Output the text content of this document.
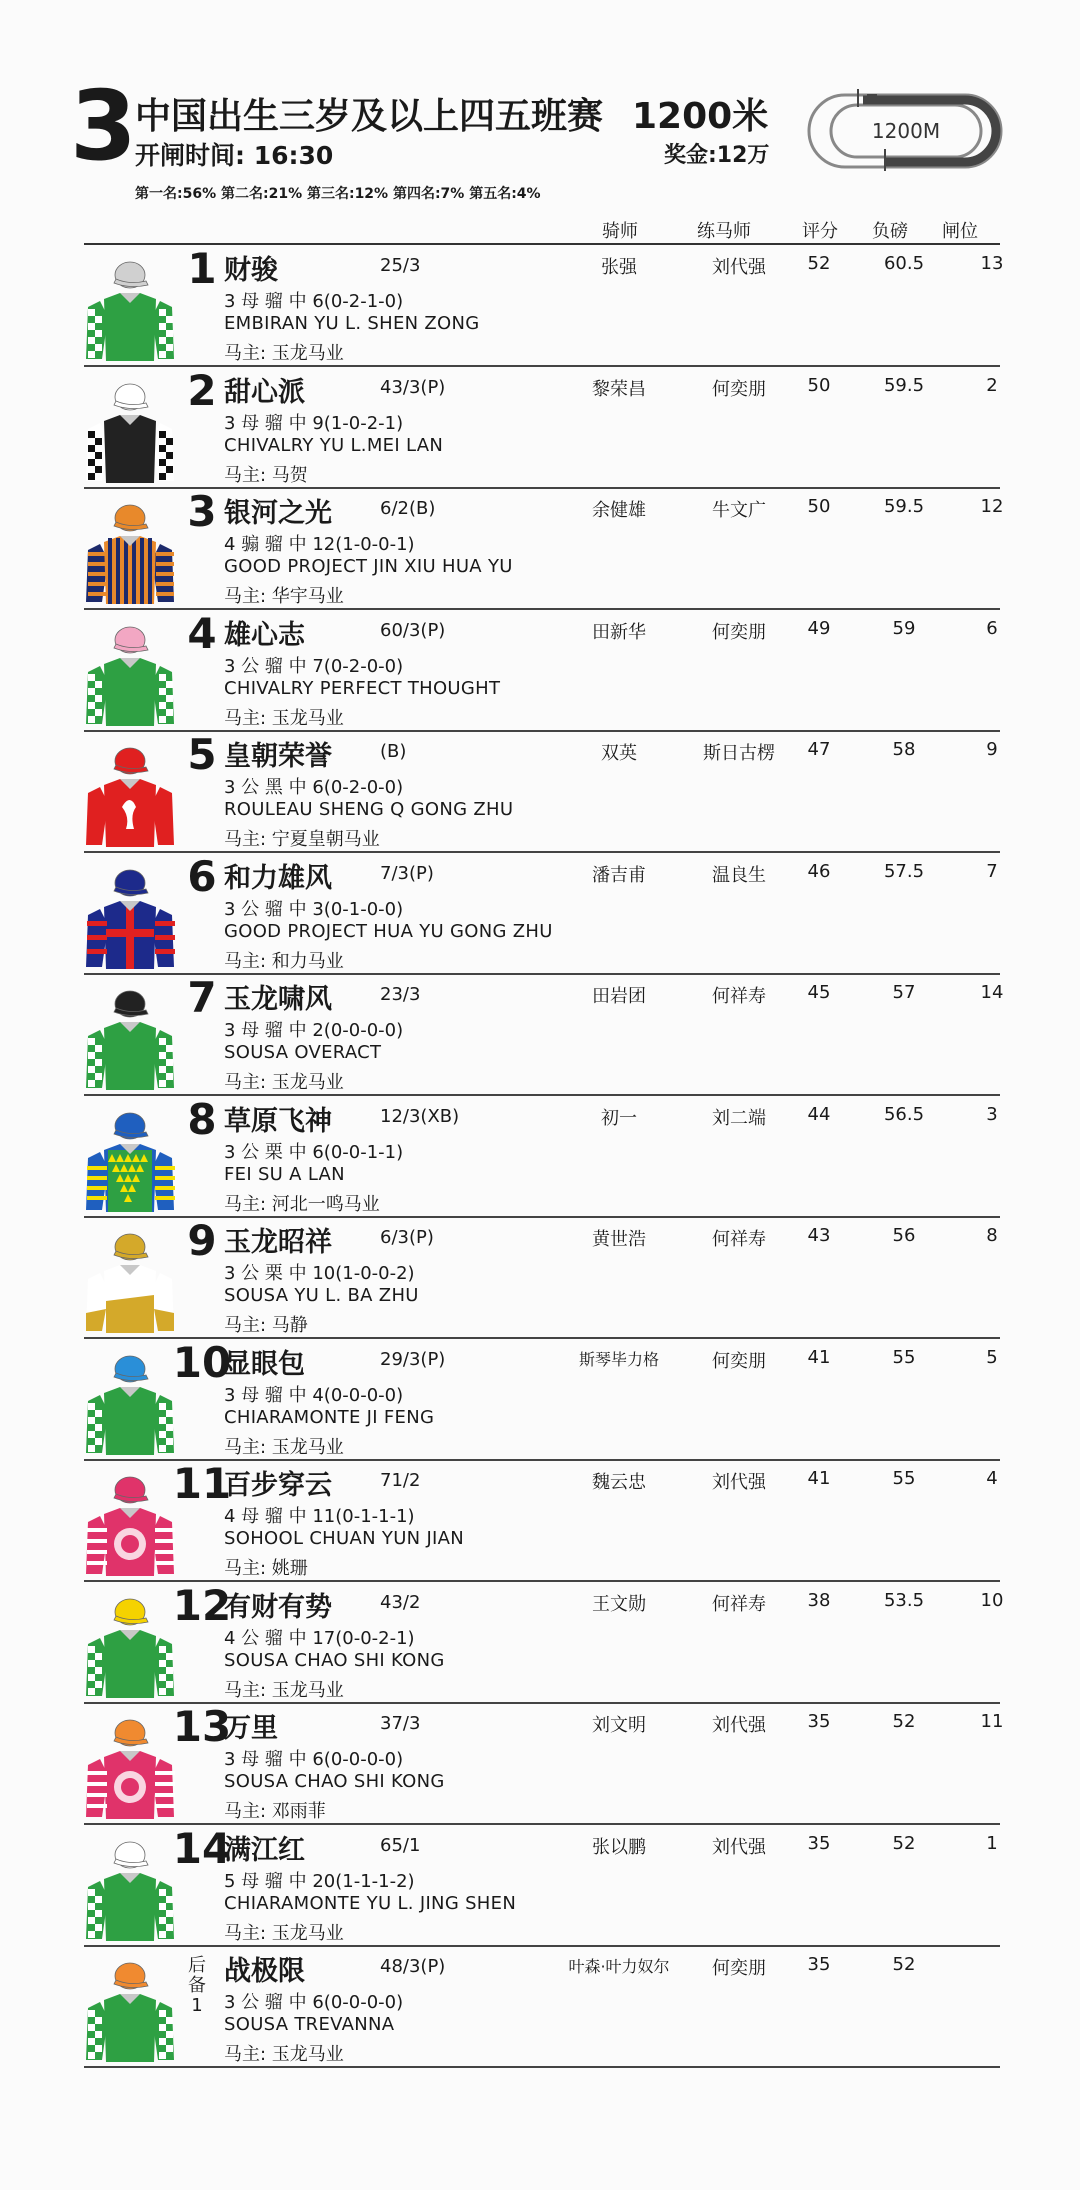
3
中国出生三岁及以上四五班赛 1200米
开闸时间: 16:30	奖金:12万
1200M
第一名:56% 第二名:21% 第三名:12% 第四名:7% 第五名:4%
骑师	练马师	评分 负磅 闸位
1 财骏	25/3
3 母 骝 中 6(0-2-1-0)
EMBIRAN YU L. SHEN ZONG
马主: 玉龙马业
张强	刘代强	52	60.5	13
2 甜心派	43/3(P)
3 母 骝 中 9(1-0-2-1)
CHIVALRY YU L.MEI LAN
马主: 马贺
黎荣昌	何奕朋	50	59.5	2
3 银河之光	6/2(B)
4 骟 骝 中 12(1-0-0-1)
GOOD PROJECT JIN XIU HUA YU
马主: 华宇马业
余健雄	牛文广	50	59.5	12
4 雄心志	60/3(P)
3 公 骝 中 7(0-2-0-0)
CHIVALRY PERFECT THOUGHT
马主: 玉龙马业
田新华	何奕朋	49	59	6
5 皇朝荣誉	(B)
3 公 黑 中 6(0-2-0-0)
ROULEAU SHENG Q GONG ZHU
马主: 宁夏皇朝马业
双英	斯日古楞	47	58	9
6 和力雄风	7/3(P)
3 公 骝 中 3(0-1-0-0)
GOOD PROJECT HUA YU GONG ZHU
马主: 和力马业
潘吉甫	温良生	46	57.5	7
7 玉龙啸风	23/3
3 母 骝 中 2(0-0-0-0)
SOUSA OVERACT
马主: 玉龙马业
田岩团	何祥寿	45	57	14
8 草原飞神	12/3(XB)
3 公 栗 中 6(0-0-1-1)
FEI SU A LAN
马主: 河北一鸣马业
初一	刘二端	44	56.5	3
9 玉龙昭祥	6/3(P)
3 公 栗 中 10(1-0-0-2)
SOUSA YU L. BA ZHU
马主: 马静
黄世浩	何祥寿	43	56	8
10
显眼包	29/3(P)
3 母 骝 中 4(0-0-0-0)
CHIARAMONTE JI FENG
马主: 玉龙马业
斯琴毕力格	何奕朋	41	55	5
11
百步穿云	71/2
4 母 骝 中 11(0-1-1-1)
SOHOOL CHUAN YUN JIAN
马主: 姚珊
魏云忠	刘代强	41	55	4
12
有财有势	43/2
4 公 骝 中 17(0-0-2-1)
SOUSA CHAO SHI KONG
马主: 玉龙马业
王文勋	何祥寿	38	53.5	10
13
万里	37/3
3 母 骝 中 6(0-0-0-0)
SOUSA CHAO SHI KONG
马主: 邓雨菲
刘文明	刘代强	35	52	11
14
满江红	65/1
5 母 骝 中 20(1-1-1-2)
CHIARAMONTE YU L. JING SHEN
马主: 玉龙马业
张以鹏	刘代强	35	52	1
后
备
1
战极限	48/3(P)
3 公 骝 中 6(0-0-0-0)
SOUSA TREVANNA
马主: 玉龙马业
叶森·叶力奴尔	何奕朋	35	52
